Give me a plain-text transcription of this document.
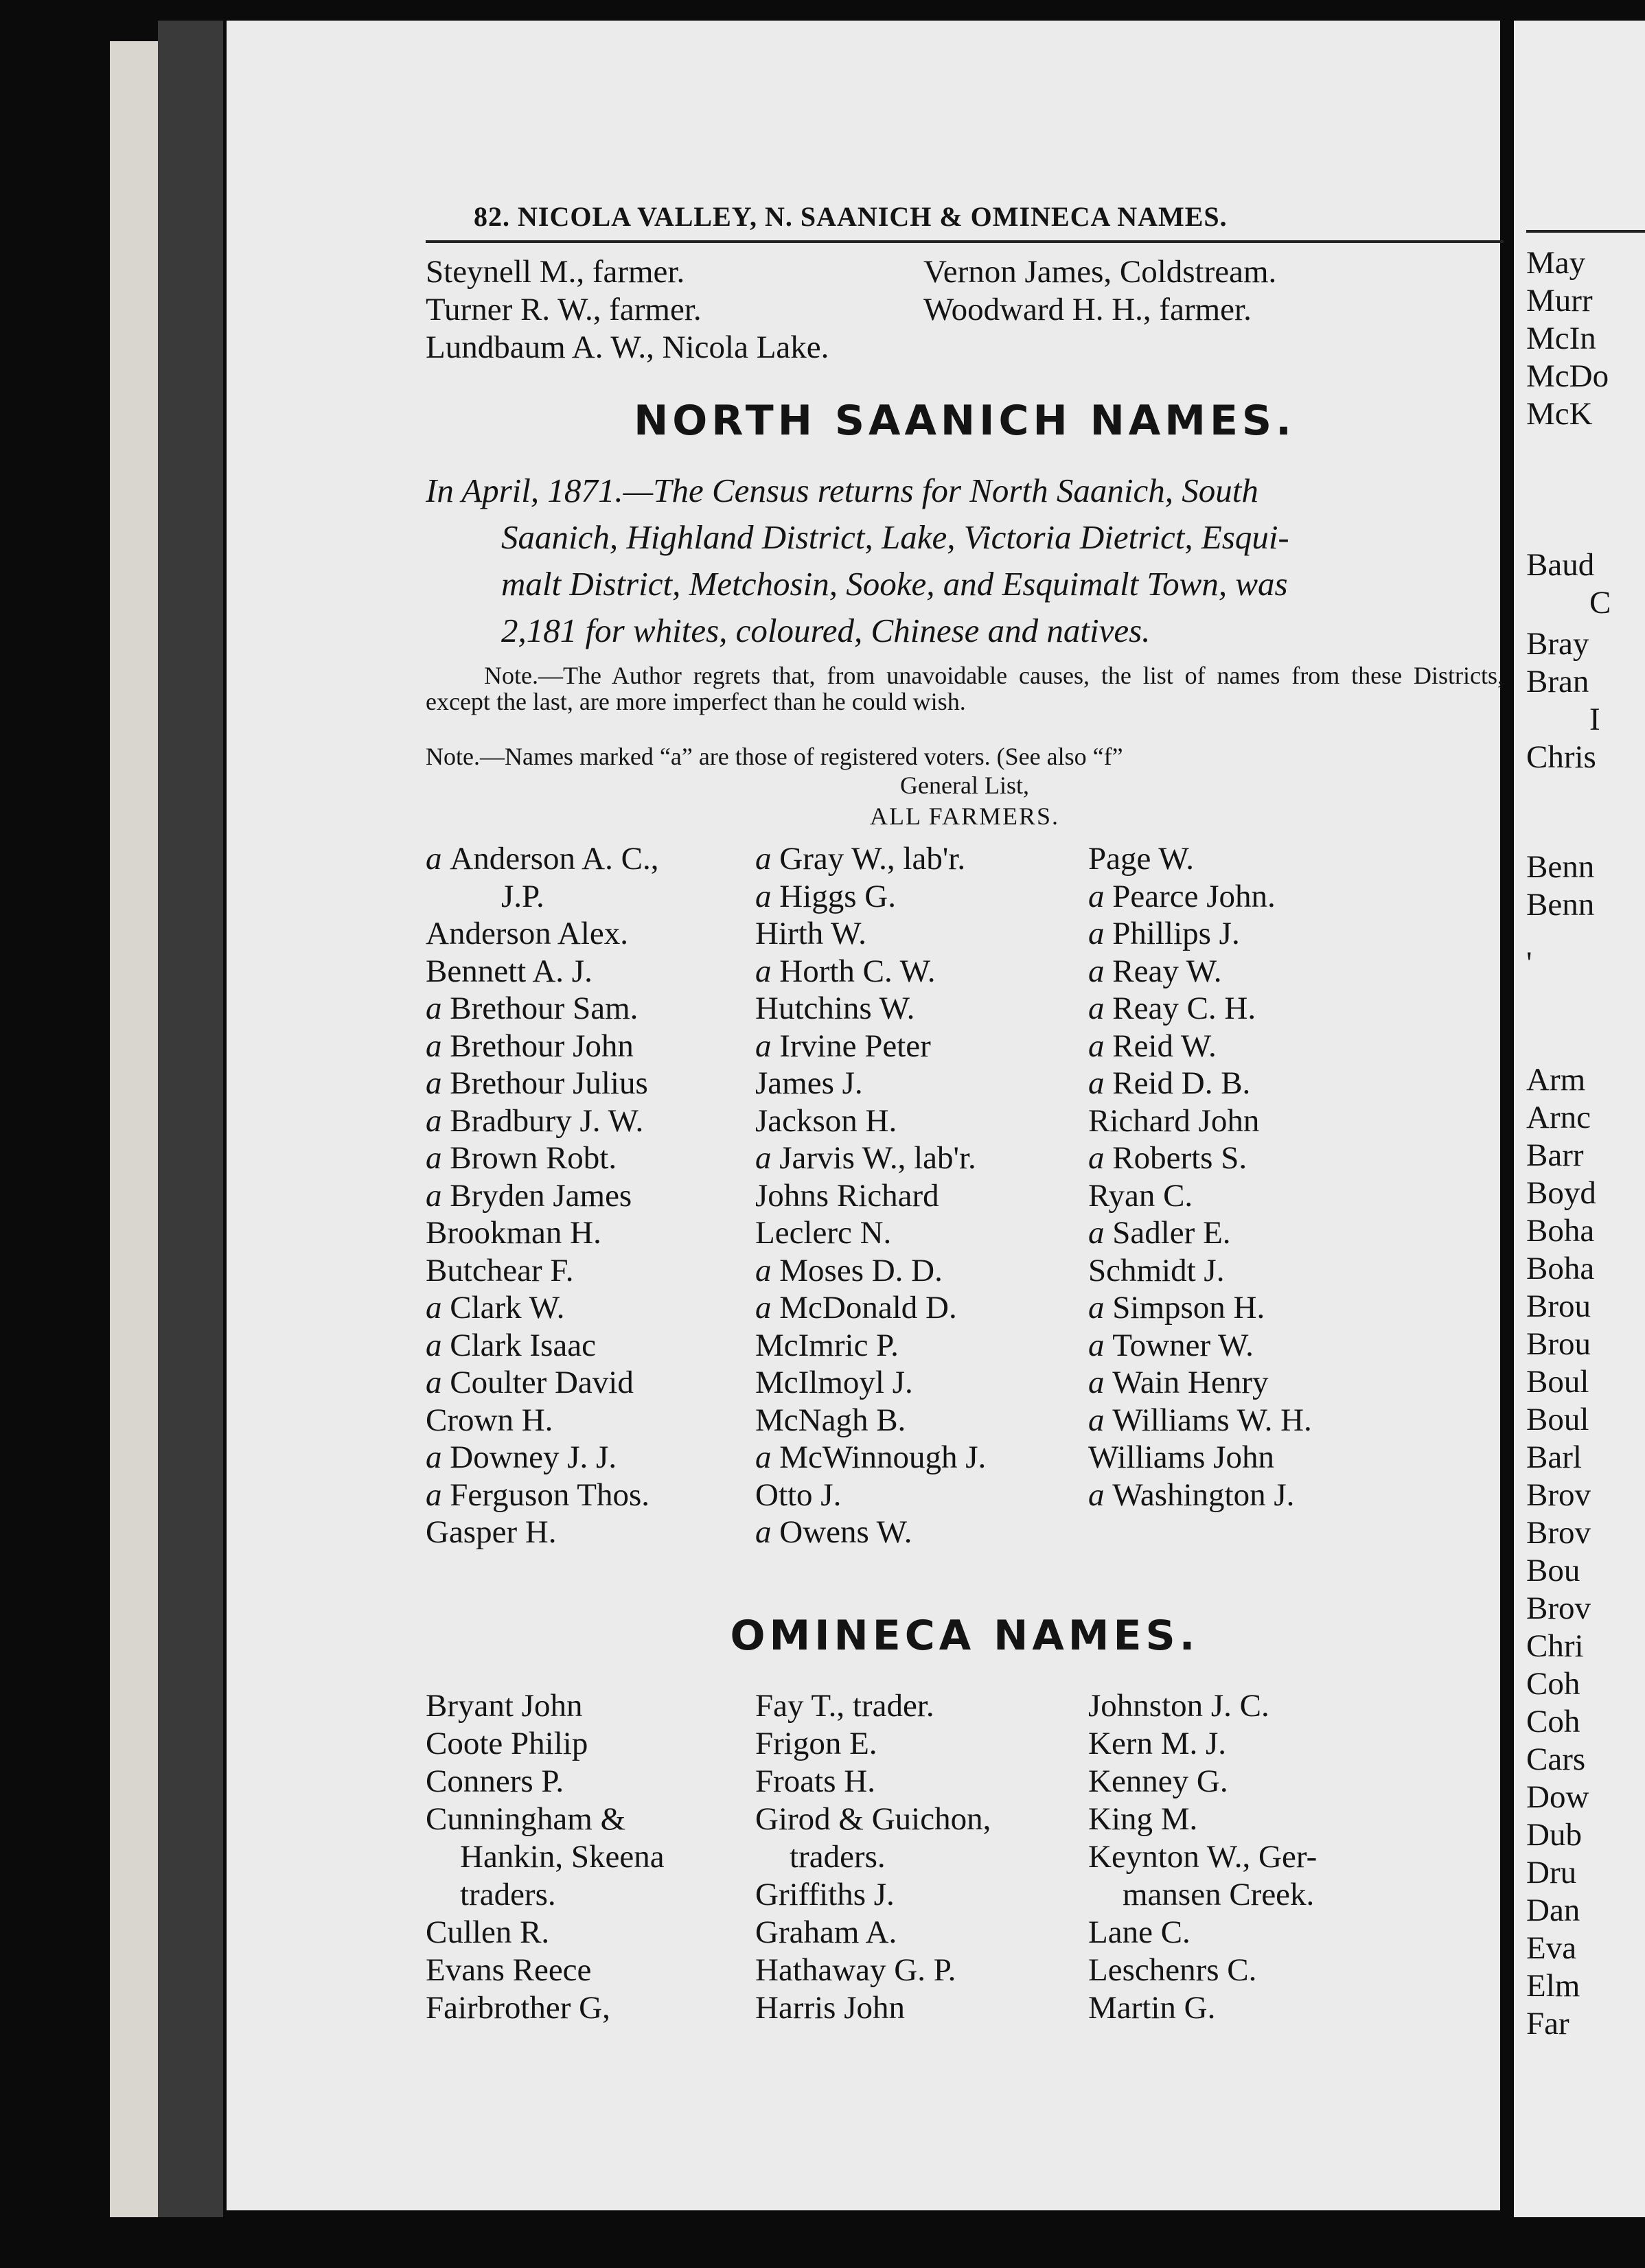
82. NICOLA VALLEY, N. SAANICH & OMINECA NAMES.
Steynell M., farmer.	Vernon James, Coldstream.
Turner R. W., farmer.	Woodward H. H., farmer.
Lundbaum A. W., Nicola Lake.
NORTH SAANICH NAMES.
In April, 1871.—The Census returns for North Saanich, South
Saanich, Highland District, Lake, Victoria Dietrict, Esqui-
malt District, Metchosin, Sooke, and Esquimalt Town, was
2,181 for whites, coloured, Chinese and natives.
Note.—The Author regrets that, from unavoidable causes, the list of names from these Districts, except the last, are more imperfect than he could wish.
Note.—Names marked “a” are those of registered voters. (See also “f”
General List,
ALL FARMERS.
a Anderson A. C.,
J.P.
Anderson Alex.
Bennett A. J.
a Brethour Sam.
a Brethour John
a Brethour Julius
a Bradbury J. W.
a Brown Robt.
a Bryden James
Brookman H.
Butchear F.
a Clark W.
a Clark Isaac
a Coulter David
Crown H.
a Downey J. J.
a Ferguson Thos.
Gasper H.
a Gray W., lab'r.
a Higgs G.
Hirth W.
a Horth C. W.
Hutchins W.
a Irvine Peter
James J.
Jackson H.
a Jarvis W., lab'r.
Johns Richard
Leclerc N.
a Moses D. D.
a McDonald D.
McImric P.
McIlmoyl J.
McNagh B.
a McWinnough J.
Otto J.
a Owens W.
Page W.
a Pearce John.
a Phillips J.
a Reay W.
a Reay C. H.
a Reid W.
a Reid D. B.
Richard John
a Roberts S.
Ryan C.
a Sadler E.
Schmidt J.
a Simpson H.
a Towner W.
a Wain Henry
a Williams W. H.
Williams John
a Washington J.
OMINECA NAMES.
Bryant John
Coote Philip
Conners P.
Cunningham &
Hankin, Skeena
traders.
Cullen R.
Evans Reece
Fairbrother G,
Fay T., trader.
Frigon E.
Froats H.
Girod & Guichon,
traders.
Griffiths J.
Graham A.
Hathaway G. P.
Harris John
Johnston J. C.
Kern M. J.
Kenney G.
King M.
Keynton W., Ger-
mansen Creek.
Lane C.
Leschenrs C.
Martin G.
May
Murr
McIn
McDo
McK
Baud
C
Bray
Bran
I
Chris
Benn
Benn
'
Arm
Arnc
Barr
Boyd
Boha
Boha
Brou
Brou
Boul
Boul
Barl
Brov
Brov
Bou
Brov
Chri
Coh
Coh
Cars
Dow
Dub
Dru
Dan
Eva
Elm
Far
